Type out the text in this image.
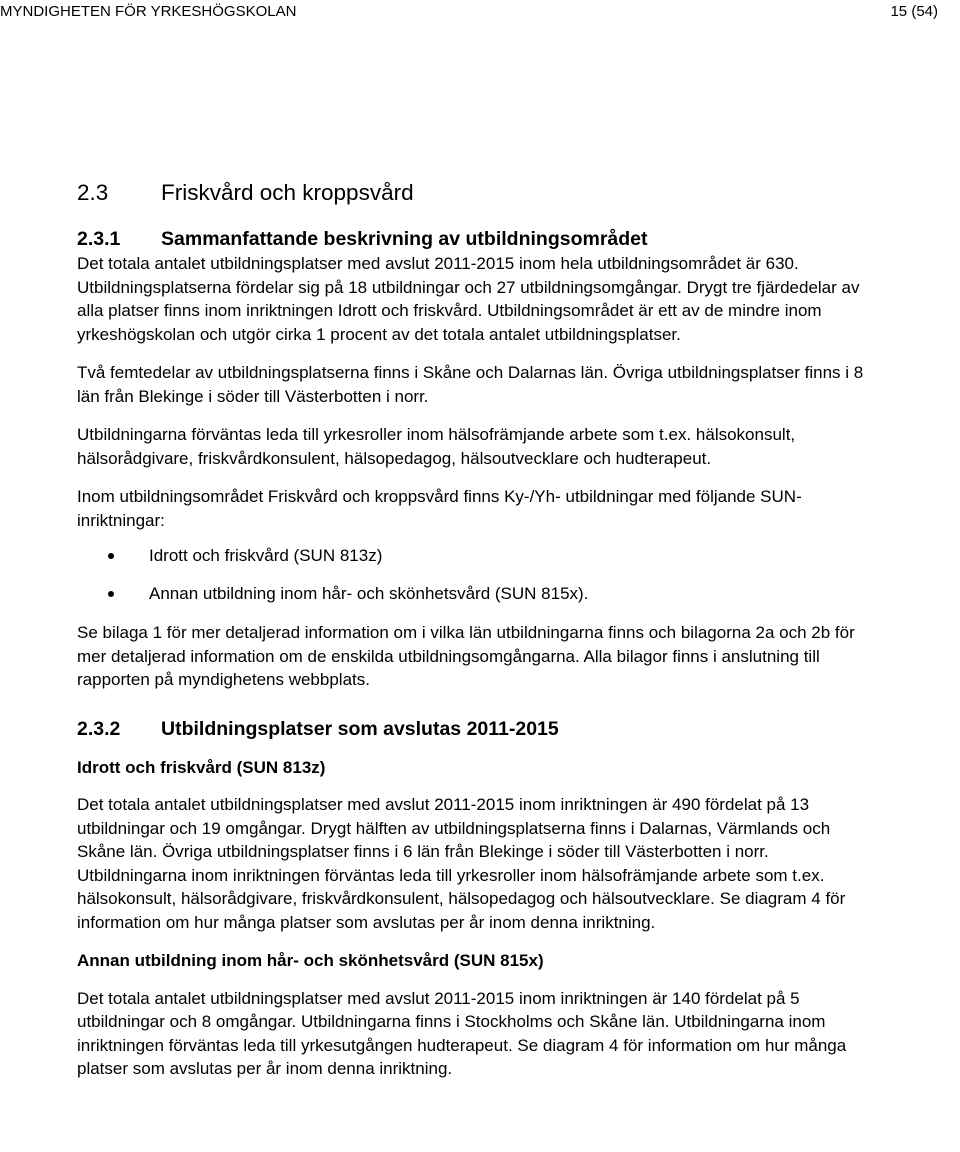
MYNDIGHETEN FÖR YRKESHÖGSKOLAN	15 (54)
2.3	Friskvård och kroppsvård
2.3.1	Sammanfattande beskrivning av utbildningsområdet

Det totala antalet utbildningsplatser med avslut 2011-2015 inom hela utbildningsområdet är 630. Utbildningsplatserna fördelar sig på 18 utbildningar och 27 utbildningsomgångar. Drygt tre fjärdedelar av alla platser finns inom inriktningen Idrott och friskvård. Utbildningsområdet är ett av de mindre inom yrkeshögskolan och utgör cirka 1 procent av det totala antalet utbildningsplatser.

Två femtedelar av utbildningsplatserna finns i Skåne och Dalarnas län. Övriga utbildningsplatser finns i 8 län från Blekinge i söder till Västerbotten i norr.

Utbildningarna förväntas leda till yrkesroller inom hälsofrämjande arbete som t.ex. hälsokonsult, hälsorådgivare, friskvårdkonsulent, hälsopedagog, hälsoutvecklare och hudterapeut.

Inom utbildningsområdet Friskvård och kroppsvård finns Ky-/Yh- utbildningar med följande SUN- inriktningar:

Idrott och friskvård (SUN 813z)
Annan utbildning inom hår- och skönhetsvård (SUN 815x).

Se bilaga 1 för mer detaljerad information om i vilka län utbildningarna finns och bilagorna 2a och 2b för mer detaljerad information om de enskilda utbildningsomgångarna. Alla bilagor finns i anslutning till rapporten på myndighetens webbplats.

2.3.2	Utbildningsplatser som avslutas 2011-2015
Idrott och friskvård (SUN 813z)

Det totala antalet utbildningsplatser med avslut 2011-2015 inom inriktningen är 490 fördelat på 13 utbildningar och 19 omgångar. Drygt hälften av utbildningsplatserna finns i Dalarnas, Värmlands och Skåne län. Övriga utbildningsplatser finns i 6 län från Blekinge i söder till Västerbotten i norr. Utbildningarna inom inriktningen förväntas leda till yrkesroller inom hälsofrämjande arbete som t.ex. hälsokonsult, hälsorådgivare, friskvårdkonsulent, hälsopedagog och hälsoutvecklare. Se diagram 4 för information om hur många platser som avslutas per år inom denna inriktning.

Annan utbildning inom hår- och skönhetsvård (SUN 815x)

Det totala antalet utbildningsplatser med avslut 2011-2015 inom inriktningen är 140 fördelat på 5 utbildningar och 8 omgångar. Utbildningarna finns i Stockholms och Skåne län. Utbildningarna inom inriktningen förväntas leda till yrkesutgången hudterapeut. Se diagram 4 för information om hur många platser som avslutas per år inom denna inriktning.
